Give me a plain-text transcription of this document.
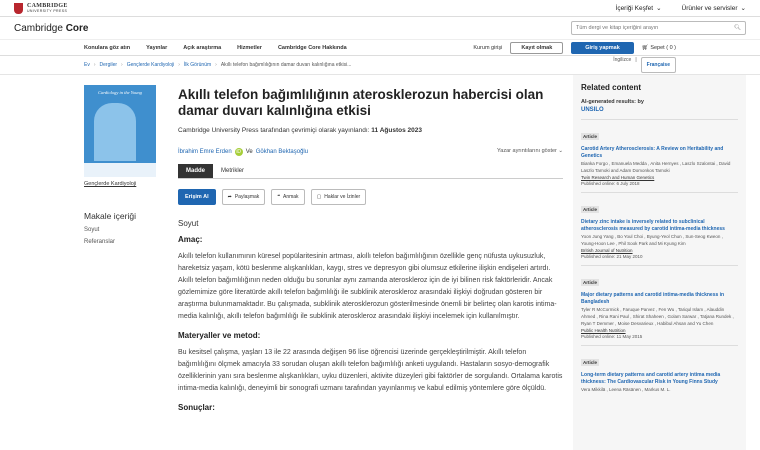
CAMBRIDGE
UNIVERSITY PRESS	İçeriği Keşfet ⌄	Ürünler ve servisler ⌄
Cambridge Core	Tüm dergi ve kitap içeriğini arayın	🔍︎
Konulara göz atın	Yayınlar	Açık araştırma	Hizmetler	Cambridge Core Hakkında	Kurum girişi	Kayıt olmak	Giriş yapmak	🛒︎ Sepet ( 0 )
Ev › Dergiler › Gençlerde Kardiyoloji › İlk Görünüm › Akıllı telefon bağımlılığının damar duvarı kalınlığına etkisi...
İngilizce |
Française
Cardiology in the Young
Gençlerde Kardiyoloji
Makale içeriği
Soyut
Referanslar
Akıllı telefon bağımlılığının aterosklerozun habercisi olan damar duvarı kalınlığına etkisi
Cambridge University Press tarafından çevrimiçi olarak yayınlandı: 11 Ağustos 2023
İbrahim Emre Erden iD Ve Gökhan Bektaşoğlu	Yazar ayrıntılarını göster ⌄
Madde	Metrikler
Erişim Al	➦ Paylaşmak	❝ Anmak	▢ Haklar ve İzinler
Soyut
Amaç:
Akıllı telefon kullanımının küresel popülaritesinin artması, akıllı telefon bağımlılığının özellikle genç nüfusta uykusuzluk, hareketsiz yaşam, kötü beslenme alışkanlıkları, kaygı, stres ve depresyon gibi olumsuz etkilerine ilişkin endişeleri artırdı. Akıllı telefon bağımlılığının neden olduğu bu sorunlar aynı zamanda ateroskleroz için de iyi bilinen risk faktörleridir. Ancak gözlemimize göre literatürde akıllı telefon bağımlılığı ile subklinik ateroskleroz arasındaki ilişkiyi doğrudan gösteren bir araştırma bulunmamaktadır. Bu çalışmada, subklinik aterosklerozun gösterilmesinde önemli bir belirteç olan karotis intima-media kalınlığı, akıllı telefon bağımlılığı ile subklinik ateroskleroz arasındaki ilişkiyi incelemek için kullanılmıştır.
Materyaller ve metod:
Bu kesitsel çalışma, yaşları 13 ile 22 arasında değişen 96 lise öğrencisi üzerinde gerçekleştirilmiştir. Akıllı telefon bağımlılığını ölçmek amacıyla 33 sorudan oluşan akıllı telefon bağımlılığı anketi uygulandı. Hastaların sosyo-demografik özelliklerinin yanı sıra beslenme alışkanlıkları, uyku düzenleri, aktivite düzeyleri gibi faktörler de sorgulandı. Ortalama karotis intima-media kalınlığı, deneyimli bir sonografi uzmanı tarafından yayınlanmış ve kabul edilmiş yöntemlere göre ölçüldü.
Sonuçlar:
Related content
AI-generated results: by
UNSILO
Article
Carotid Artery Atherosclerosis: A Review on Heritability and Genetics
Bianka Forgo , Emanuela Medda , Anita Hernyes , Laszlo Szalontai , David Laszlo Tarnoki and Adam Domonkos Tarnoki
Twin Research and Human Genetics
Published online: 6 July 2018
Article
Dietary zinc intake is inversely related to subclinical atherosclerosis measured by carotid intima-media thickness
Yoon Jung Yang , Bo Youl Choi , Byung-Yeol Chun , Sun-Seog Kweon , Young-Hoon Lee , Phil Sook Park and Mi Kyung Kim
British Journal of Nutrition
Published online: 21 May 2010
Article
Major dietary patterns and carotid intima-media thickness in Bangladesh
Tyler R McCormick , Faruque Parvez , Fen Wu , Tariqul Islam , Alauddin Ahmed , Rina Rani Paul , Shirat Shaheen , Golam Sarwar , Tatjana Rundek , Ryan T Demmer , Moise Desvarieux , Habibul Ahsan and Yu Chen
Public Health Nutrition
Published online: 11 May 2015
Article
Long-term dietary patterns and carotid artery intima media thickness: The Cardiovascular Risk in Young Finns Study
Vera Mikkilä , Leena Räsänen , Markus M. L.
